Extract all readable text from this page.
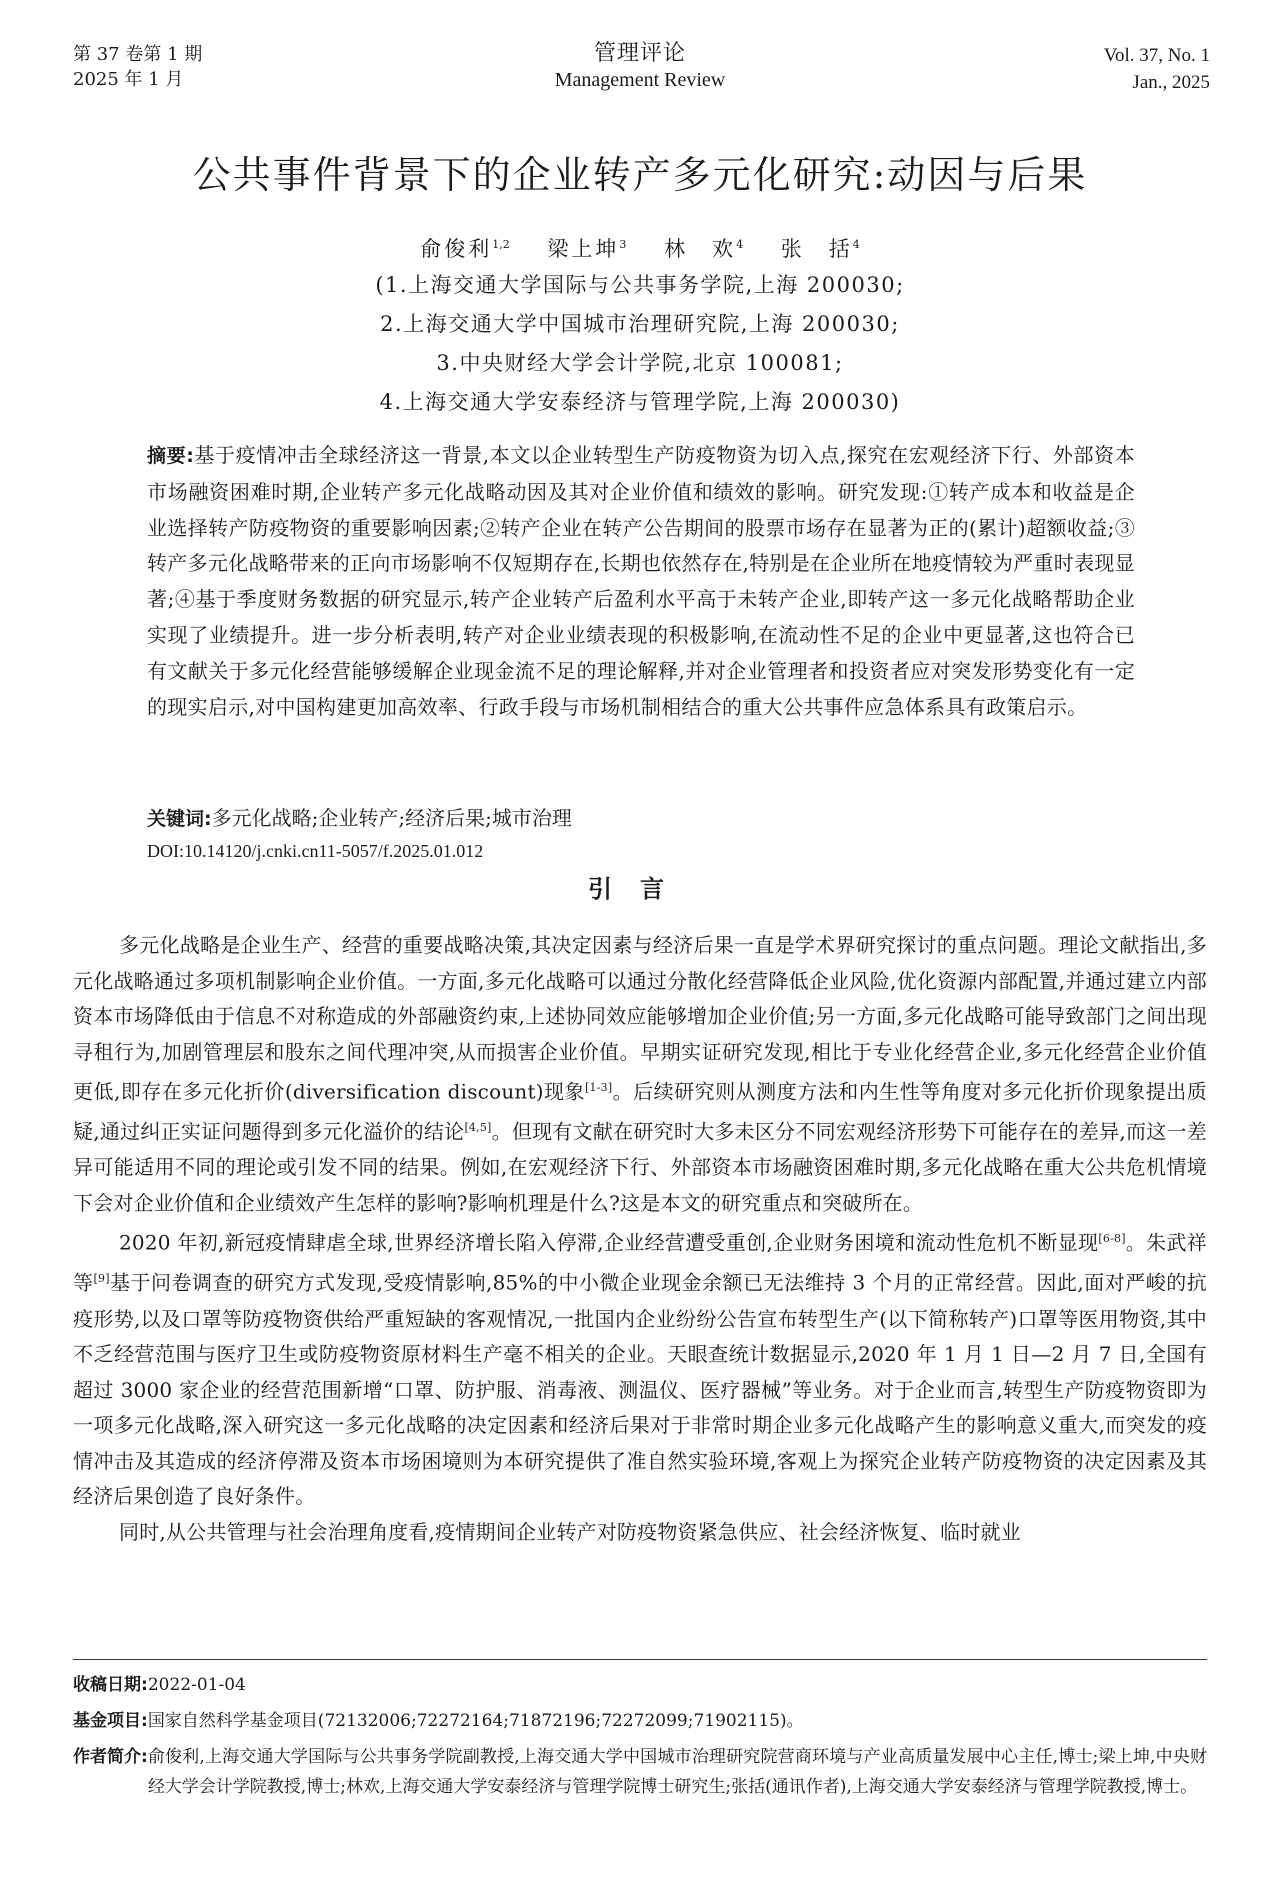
第 37 卷第 1 期
2025 年 1 月
管理评论
Management Review
Vol. 37, No. 1
Jan., 2025
公共事件背景下的企业转产多元化研究:动因与后果
俞俊利$^{1,2}$ 梁上坤$^3$ 林　欢$^4$ 张　括$^4$
(1.上海交通大学国际与公共事务学院,上海 200030;
2.上海交通大学中国城市治理研究院,上海 200030;
3.中央财经大学会计学院,北京 100081;
4.上海交通大学安泰经济与管理学院,上海 200030)
摘要:基于疫情冲击全球经济这一背景,本文以企业转型生产防疫物资为切入点,探究在宏观经济下行、外部资本市场融资困难时期,企业转产多元化战略动因及其对企业价值和绩效的影响。研究发现:①转产成本和收益是企业选择转产防疫物资的重要影响因素;②转产企业在转产公告期间的股票市场存在显著为正的(累计)超额收益;③转产多元化战略带来的正向市场影响不仅短期存在,长期也依然存在,特别是在企业所在地疫情较为严重时表现显著;④基于季度财务数据的研究显示,转产企业转产后盈利水平高于未转产企业,即转产这一多元化战略帮助企业实现了业绩提升。进一步分析表明,转产对企业业绩表现的积极影响,在流动性不足的企业中更显著,这也符合已有文献关于多元化经营能够缓解企业现金流不足的理论解释,并对企业管理者和投资者应对突发形势变化有一定的现实启示,对中国构建更加高效率、行政手段与市场机制相结合的重大公共事件应急体系具有政策启示。
关键词:多元化战略;企业转产;经济后果;城市治理
DOI:10.14120/j.cnki.cn11-5057/f.2025.01.012
引言

多元化战略是企业生产、经营的重要战略决策,其决定因素与经济后果一直是学术界研究探讨的重点问题。理论文献指出,多元化战略通过多项机制影响企业价值。一方面,多元化战略可以通过分散化经营降低企业风险,优化资源内部配置,并通过建立内部资本市场降低由于信息不对称造成的外部融资约束,上述协同效应能够增加企业价值;另一方面,多元化战略可能导致部门之间出现寻租行为,加剧管理层和股东之间代理冲突,从而损害企业价值。早期实证研究发现,相比于专业化经营企业,多元化经营企业价值更低,即存在多元化折价(diversification discount)现象[1-3]。后续研究则从测度方法和内生性等角度对多元化折价现象提出质疑,通过纠正实证问题得到多元化溢价的结论[4,5]。但现有文献在研究时大多未区分不同宏观经济形势下可能存在的差异,而这一差异可能适用不同的理论或引发不同的结果。例如,在宏观经济下行、外部资本市场融资困难时期,多元化战略在重大公共危机情境下会对企业价值和企业绩效产生怎样的影响?影响机理是什么?这是本文的研究重点和突破所在。

2020 年初,新冠疫情肆虐全球,世界经济增长陷入停滞,企业经营遭受重创,企业财务困境和流动性危机不断显现[6-8]。朱武祥等[9]基于问卷调查的研究方式发现,受疫情影响,85%的中小微企业现金余额已无法维持 3 个月的正常经营。因此,面对严峻的抗疫形势,以及口罩等防疫物资供给严重短缺的客观情况,一批国内企业纷纷公告宣布转型生产(以下简称转产)口罩等医用物资,其中不乏经营范围与医疗卫生或防疫物资原材料生产毫不相关的企业。天眼查统计数据显示,2020 年 1 月 1 日—2 月 7 日,全国有超过 3000 家企业的经营范围新增“口罩、防护服、消毒液、测温仪、医疗器械”等业务。对于企业而言,转型生产防疫物资即为一项多元化战略,深入研究这一多元化战略的决定因素和经济后果对于非常时期企业多元化战略产生的影响意义重大,而突发的疫情冲击及其造成的经济停滞及资本市场困境则为本研究提供了准自然实验环境,客观上为探究企业转产防疫物资的决定因素及其经济后果创造了良好条件。

同时,从公共管理与社会治理角度看,疫情期间企业转产对防疫物资紧急供应、社会经济恢复、临时就业

收稿日期: 2022-01-04
基金项目: 国家自然科学基金项目(72132006;72272164;71872196;72272099;71902115)。
作者简介: 俞俊利,上海交通大学国际与公共事务学院副教授,上海交通大学中国城市治理研究院营商环境与产业高质量发展中心主任,博士;梁上坤,中央财经大学会计学院教授,博士;林欢,上海交通大学安泰经济与管理学院博士研究生;张括(通讯作者),上海交通大学安泰经济与管理学院教授,博士。
